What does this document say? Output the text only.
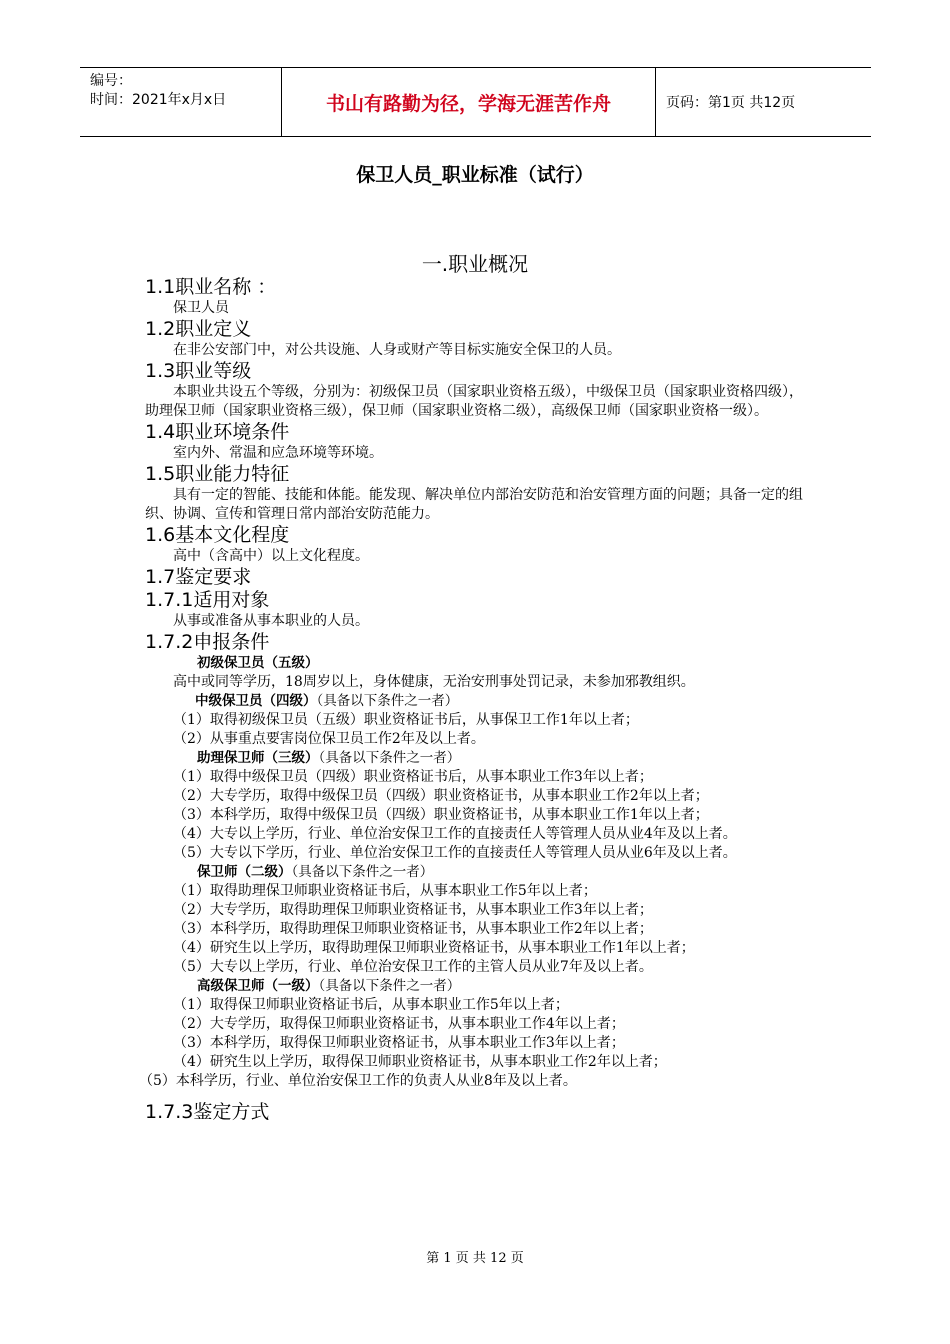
编号：
时间：2021年x月x日	书山有路勤为径，学海无涯苦作舟	页码：第1页 共12页
保卫人员_职业标准（试行）
一.职业概况
1.1职业名称 ：
保卫人员
1.2职业定义
在非公安部门中，对公共设施、人身或财产等目标实施安全保卫的人员。
1.3职业等级
本职业共设五个等级，分别为：初级保卫员（国家职业资格五级），中级保卫员（国家职业资格四级），助理保卫师（国家职业资格三级），保卫师（国家职业资格二级），高级保卫师（国家职业资格一级）。
1.4职业环境条件
室内外、常温和应急环境等环境。
1.5职业能力特征
具有一定的智能、技能和体能。能发现、解决单位内部治安防范和治安管理方面的问题；具备一定的组织、协调、宣传和管理日常内部治安防范能力。
1.6基本文化程度
高中（含高中）以上文化程度。
1.7鉴定要求
1.7.1适用对象
从事或准备从事本职业的人员。
1.7.2申报条件
初级保卫员（五级）
高中或同等学历，18周岁以上，身体健康，无治安刑事处罚记录，未参加邪教组织。
中级保卫员（四级）（具备以下条件之一者）
（1）取得初级保卫员（五级）职业资格证书后，从事保卫工作1年以上者；
（2）从事重点要害岗位保卫员工作2年及以上者。
助理保卫师（三级）（具备以下条件之一者）
（1）取得中级保卫员（四级）职业资格证书后，从事本职业工作3年以上者；
（2）大专学历，取得中级保卫员（四级）职业资格证书，从事本职业工作2年以上者；
（3）本科学历，取得中级保卫员（四级）职业资格证书，从事本职业工作1年以上者；
（4）大专以上学历，行业、单位治安保卫工作的直接责任人等管理人员从业4年及以上者。
（5）大专以下学历，行业、单位治安保卫工作的直接责任人等管理人员从业6年及以上者。
保卫师（二级）（具备以下条件之一者）
（1）取得助理保卫师职业资格证书后，从事本职业工作5年以上者；
（2）大专学历，取得助理保卫师职业资格证书，从事本职业工作3年以上者；
（3）本科学历，取得助理保卫师职业资格证书，从事本职业工作2年以上者；
（4）研究生以上学历，取得助理保卫师职业资格证书，从事本职业工作1年以上者；
（5）大专以上学历，行业、单位治安保卫工作的主管人员从业7年及以上者。
高级保卫师（一级）（具备以下条件之一者）
（1）取得保卫师职业资格证书后，从事本职业工作5年以上者；
（2）大专学历，取得保卫师职业资格证书，从事本职业工作4年以上者；
（3）本科学历，取得保卫师职业资格证书，从事本职业工作3年以上者；
（4）研究生以上学历，取得保卫师职业资格证书，从事本职业工作2年以上者；
（5）本科学历，行业、单位治安保卫工作的负责人从业8年及以上者。
1.7.3鉴定方式
第 1 页 共 12 页
